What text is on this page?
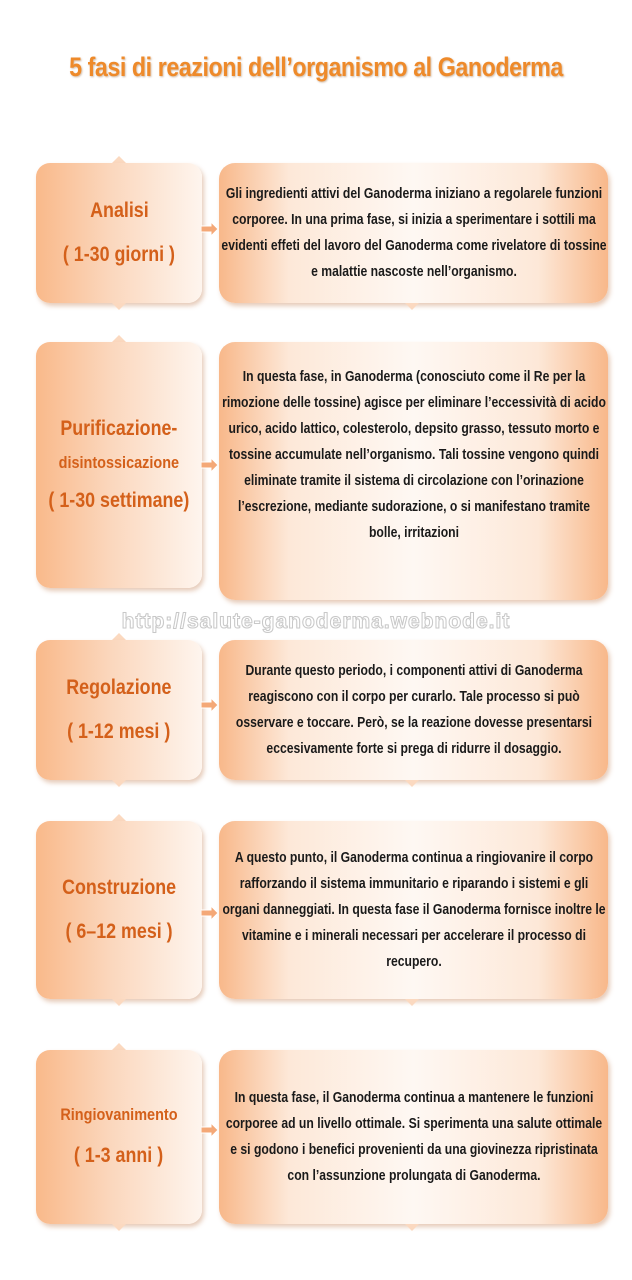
5 fasi di reazioni dell’organismo al Ganoderma
Analisi
( 1-30 giorni )
Gli ingredienti attivi del Ganoderma iniziano a regolarele funzioni corporee. In una prima fase, si inizia a sperimentare i sottili ma evidenti effeti del lavoro del Ganoderma come rivelatore di tossine e malattie nascoste nell’organismo.
Purificazione-
disintossicazione
( 1-30 settimane)
In questa fase, in Ganoderma (conosciuto come il Re per la rimozione delle tossine) agisce per eliminare l’eccessività di acido urico, acido lattico, colesterolo, depsito grasso, tessuto morto e tossine accumulate nell’organismo. Tali tossine vengono quindi eliminate tramite il sistema di circolazione con l’orinazione l’escrezione, mediante sudorazione, o si manifestano tramite bolle, irritazioni
http://salute-ganoderma.webnode.it
Regolazione
( 1-12 mesi )
Durante questo periodo, i componenti attivi di Ganoderma reagiscono con il corpo per curarlo. Tale processo si può osservare e toccare. Però, se la reazione dovesse presentarsi eccesivamente forte si prega di ridurre il dosaggio.
Construzione
( 6–12 mesi )
A questo punto, il Ganoderma continua a ringiovanire il corpo rafforzando il sistema immunitario e riparando i sistemi e gli organi danneggiati. In questa fase il Ganoderma fornisce inoltre le vitamine e i minerali necessari per accelerare il processo di recupero.
Ringiovanimento
( 1-3 anni )
In questa fase, il Ganoderma continua a mantenere le funzioni corporee ad un livello ottimale. Si sperimenta una salute ottimale e si godono i benefici provenienti da una giovinezza ripristinata con l’assunzione prolungata di Ganoderma.
